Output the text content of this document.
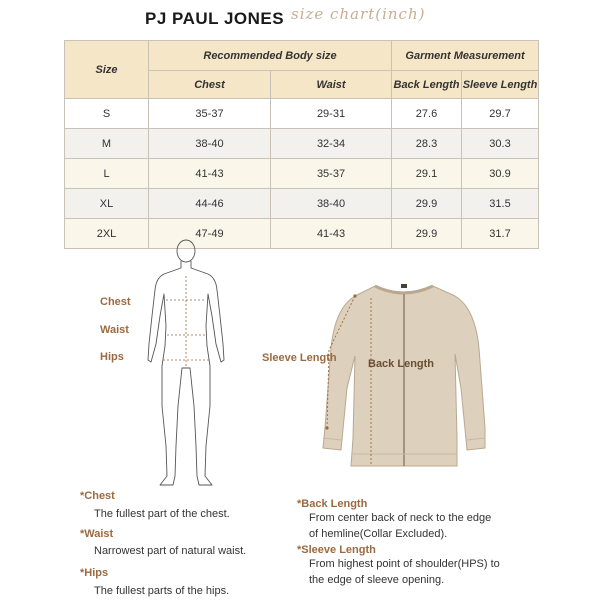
PJ PAUL JONES size chart(inch)
Size	Recommended Body size		Garment Measurement	
	Chest	Waist	Back Length	Sleeve Length
S	35-37	29-31	27.6	29.7
M	38-40	32-34	28.3	30.3
L	41-43	35-37	29.1	30.9
XL	44-46	38-40	29.9	31.5
2XL	47-49	41-43	29.9	31.7
Chest
Waist
Hips	Sleeve Length	Back Length
*Chest
The fullest part of the chest.
*Waist
Narrowest part of natural waist.
*Hips
The fullest parts of the hips.
*Back Length
From center back of neck to the edge
of hemline(Collar Excluded).
*Sleeve Length
From highest point of shoulder(HPS) to
the edge of sleeve opening.
